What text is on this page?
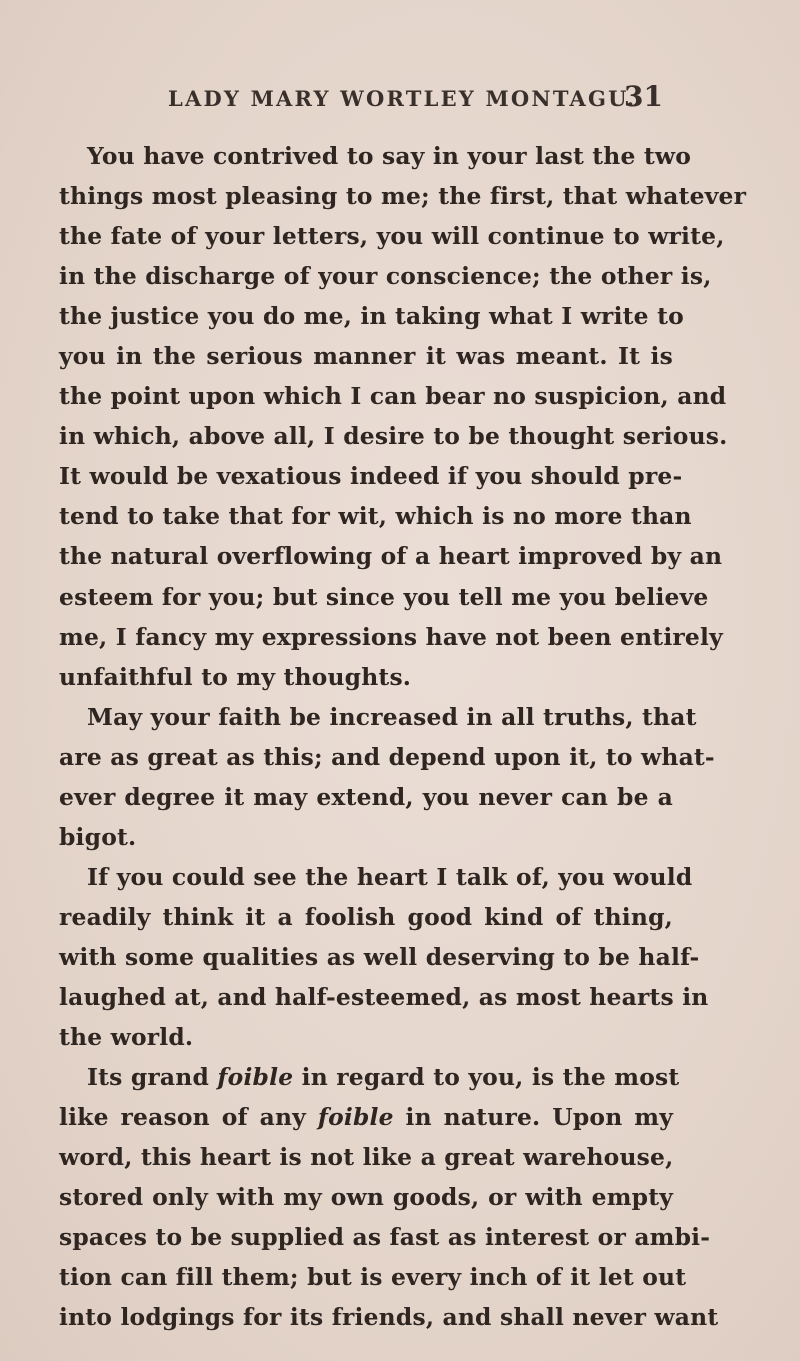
LADY MARY WORTLEY MONTAGU.
31
You have contrived to say in your last the two
things most pleasing to me; the first, that whatever
the fate of your letters, you will continue to write,
in the discharge of your conscience; the other is,
the justice you do me, in taking what I write to
you in the serious manner it was meant. It is
the point upon which I can bear no suspicion, and
in which, above all, I desire to be thought serious.
It would be vexatious indeed if you should pre-
tend to take that for wit, which is no more than
the natural overflowing of a heart improved by an
esteem for you; but since you tell me you believe
me, I fancy my expressions have not been entirely
unfaithful to my thoughts.
May your faith be increased in all truths, that
are as great as this; and depend upon it, to what-
ever degree it may extend, you never can be a
bigot.
If you could see the heart I talk of, you would
readily think it a foolish good kind of thing,
with some qualities as well deserving to be half-
laughed at, and half-esteemed, as most hearts in
the world.
Its grand foible in regard to you, is the most
like reason of any foible in nature. Upon my
word, this heart is not like a great warehouse,
stored only with my own goods, or with empty
spaces to be supplied as fast as interest or ambi-
tion can fill them; but is every inch of it let out
into lodgings for its friends, and shall never want
